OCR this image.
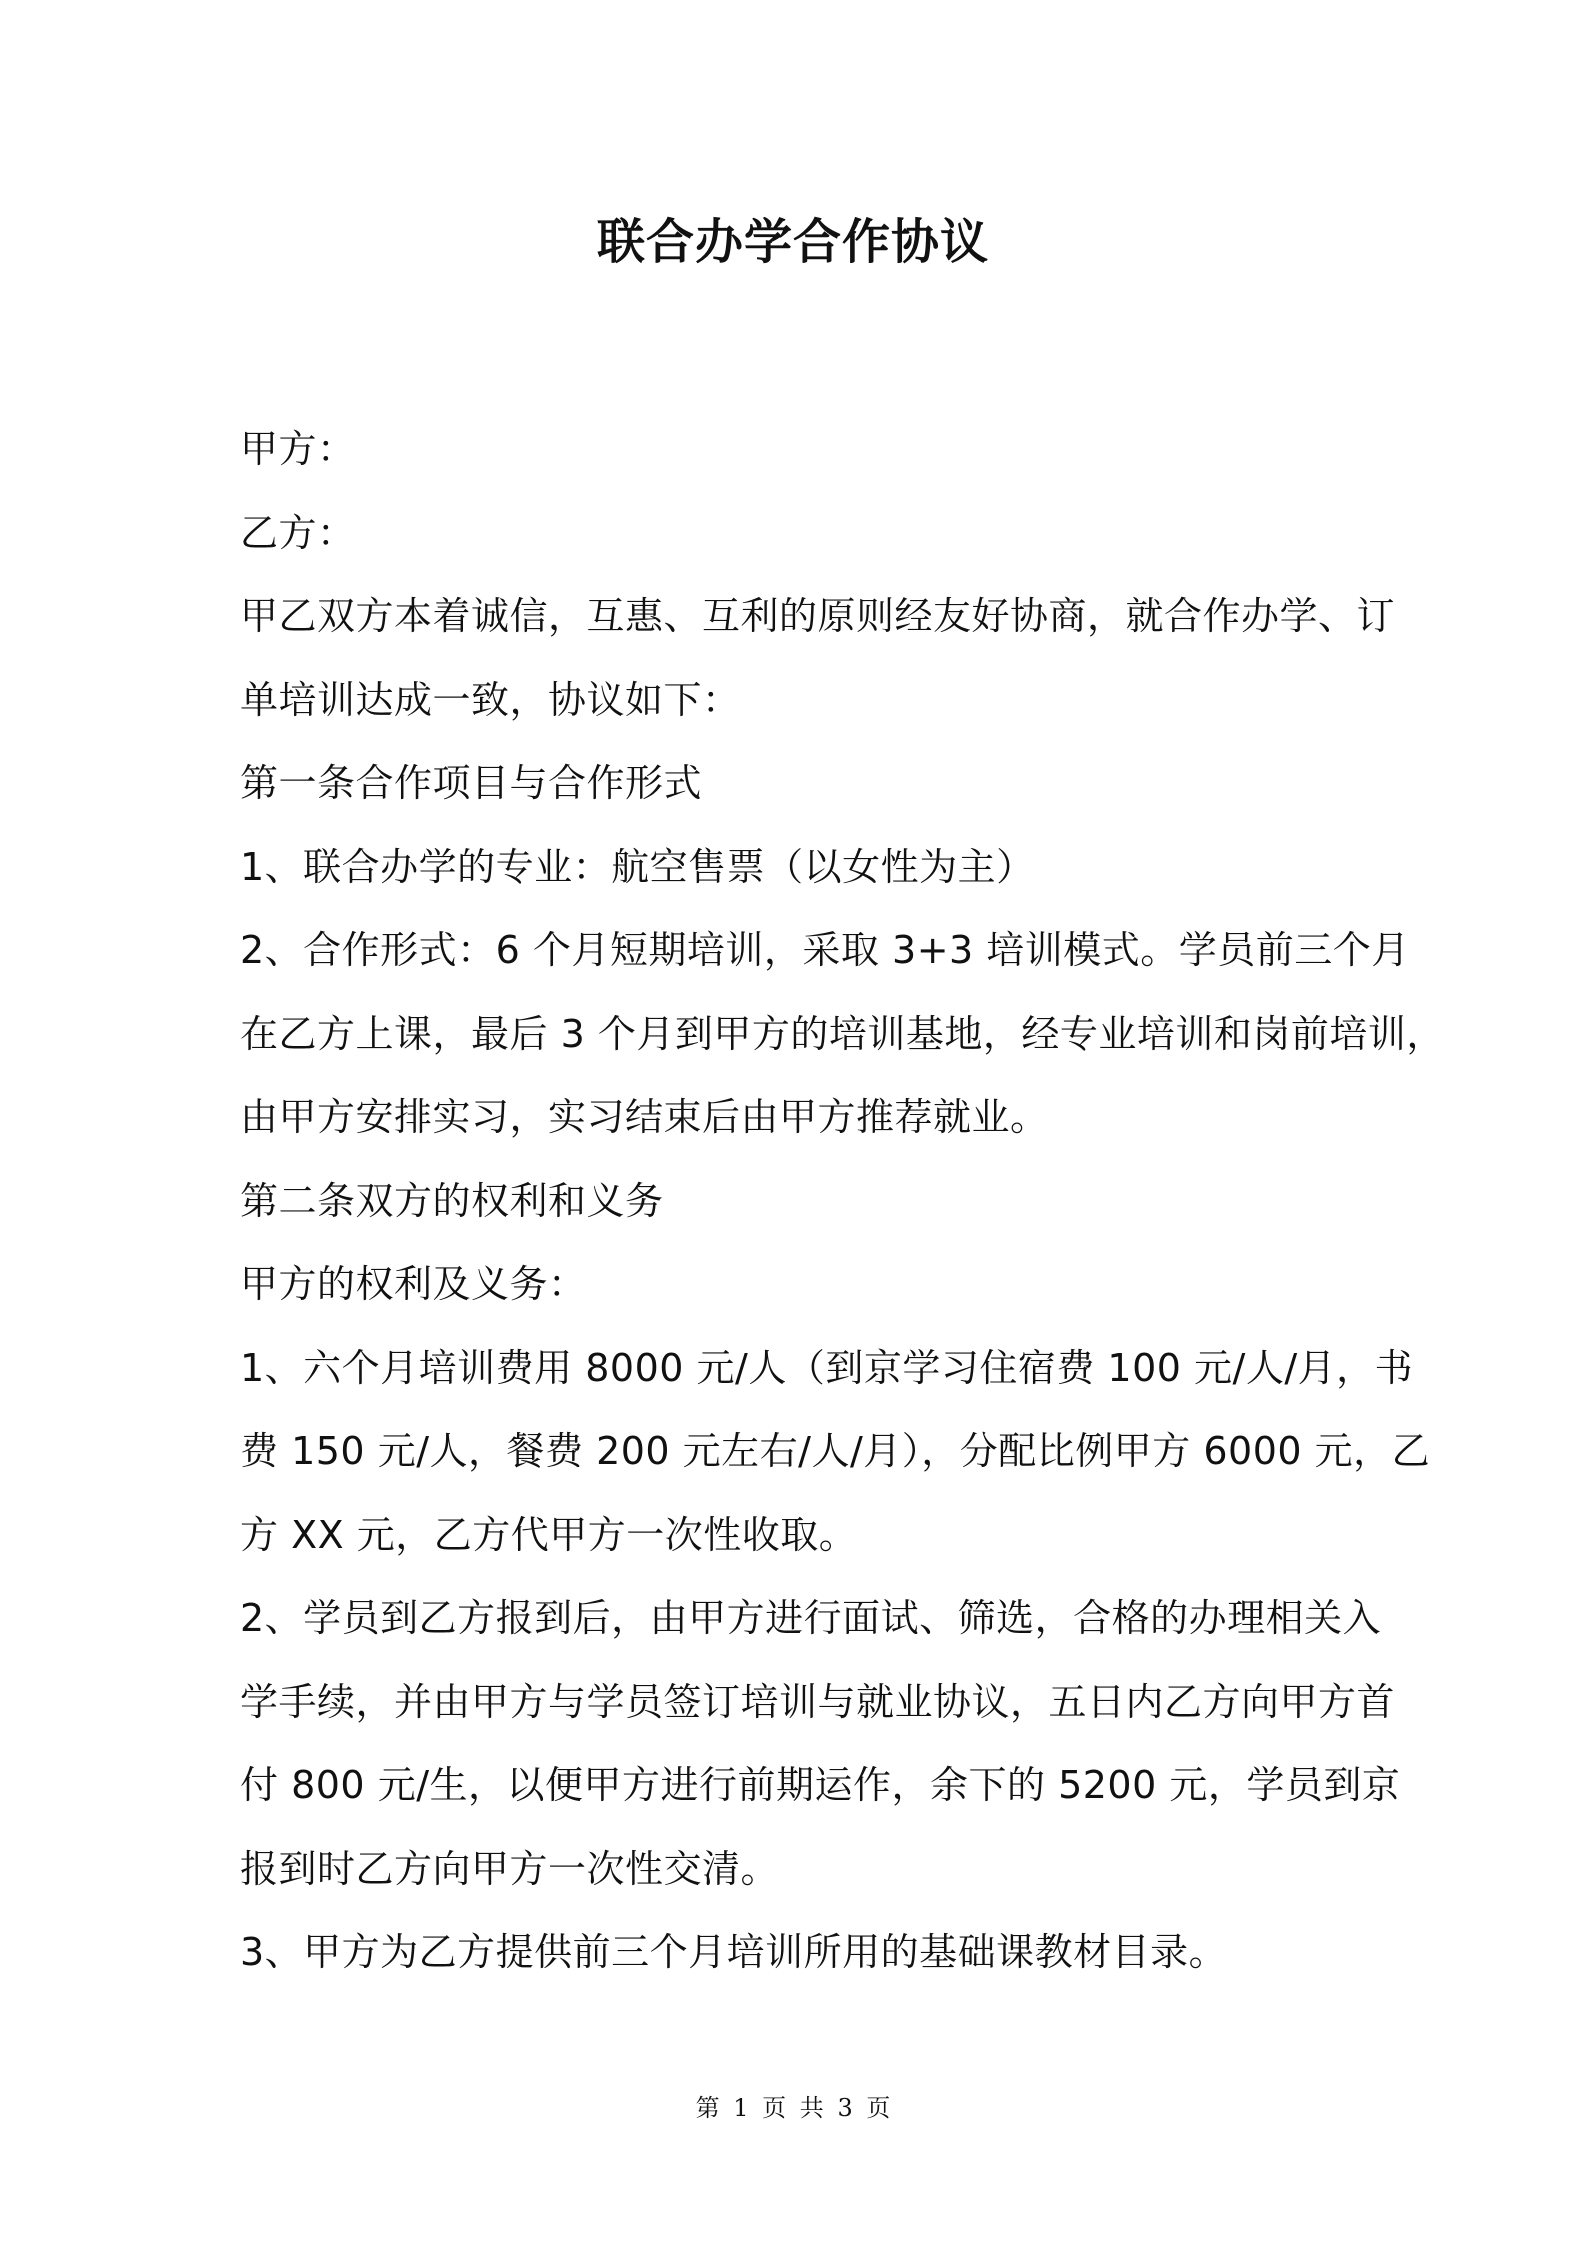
联合办学合作协议
甲方：
乙方：
甲乙双方本着诚信，互惠、互利的原则经友好协商，就合作办学、订
单培训达成一致，协议如下：
第一条合作项目与合作形式
1、联合办学的专业：航空售票（以女性为主）
2、合作形式：6 个月短期培训，采取 3+3 培训模式。学员前三个月
在乙方上课，最后 3 个月到甲方的培训基地，经专业培训和岗前培训，
由甲方安排实习，实习结束后由甲方推荐就业。
第二条双方的权利和义务
甲方的权利及义务：
1、六个月培训费用 8000 元/人（到京学习住宿费 100 元/人/月，书
费 150 元/人，餐费 200 元左右/人/月），分配比例甲方 6000 元，乙
方 XX 元，乙方代甲方一次性收取。
2、学员到乙方报到后，由甲方进行面试、筛选，合格的办理相关入
学手续，并由甲方与学员签订培训与就业协议，五日内乙方向甲方首
付 800 元/生，以便甲方进行前期运作，余下的 5200 元，学员到京
报到时乙方向甲方一次性交清。
3、甲方为乙方提供前三个月培训所用的基础课教材目录。
第 1 页 共 3 页
